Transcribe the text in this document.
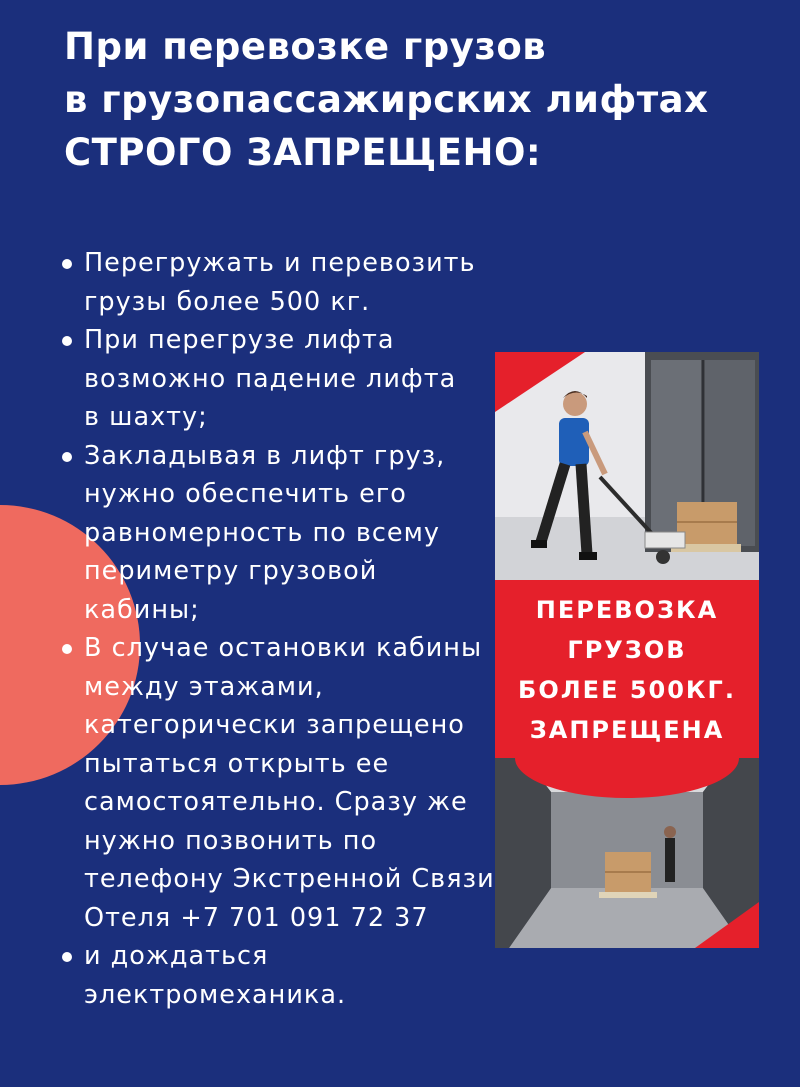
При перевозке грузов
в грузопассажирских лифтах
СТРОГО ЗАПРЕЩЕНО:
Перегружать и перевозить
грузы более 500 кг.
При перегрузе лифта
возможно падение лифта
в шахту;
Закладывая в лифт груз,
нужно обеспечить его
равномерность по всему
периметру грузовой
кабины;
В случае остановки кабины
между этажами,
категорически запрещено
пытаться открыть ее
самостоятельно. Сразу же
нужно позвонить по
телефону Экстренной Связи
Отеля +7 701 091 72 37
и дождаться
электромеханика.
ПЕРЕВОЗКА
ГРУЗОВ
БОЛЕЕ 500КГ.
ЗАПРЕЩЕНА
